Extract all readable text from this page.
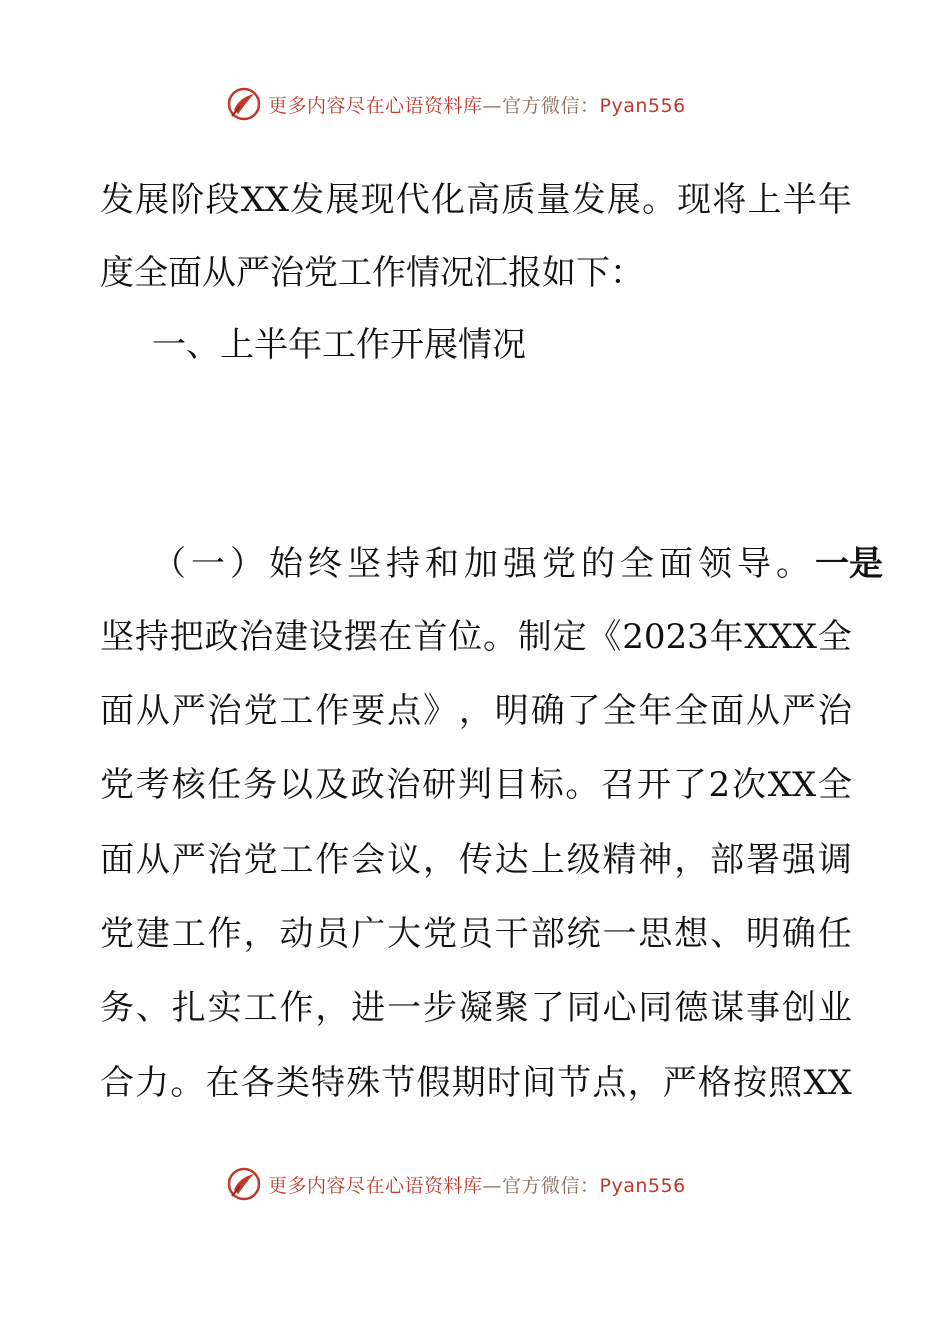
更多内容尽在心语资料库—官方微信：Pyan556
发 展 阶 段 XX 发 展 现 代 化 高 质 量 发 展 。 现 将 上 半 年
度全面从严治党工作情况汇报如下：
一、上半年工作开展情况
（一）始终坚持和加强党的全面领导。 一是
坚 持 把 政 治 建 设 摆 在 首 位 。 制 定 《 2023 年 XXX 全
面 从 严 治 党 工 作 要 点 》 ， 明 确 了 全 年 全 面 从 严 治
党 考 核 任 务 以 及 政 治 研 判 目 标 。 召 开 了 2 次 XX 全
面 从 严 治 党 工 作 会 议 ， 传 达 上 级 精 神 ， 部 署 强 调
党 建 工 作 ， 动 员 广 大 党 员 干 部 统 一 思 想 、 明 确 任
务 、 扎 实 工 作 ， 进 一 步 凝 聚 了 同 心 同 德 谋 事 创 业
合 力 。 在 各 类 特 殊 节 假 期 时 间 节 点 ， 严 格 按 照 XX
更多内容尽在心语资料库—官方微信：Pyan556
